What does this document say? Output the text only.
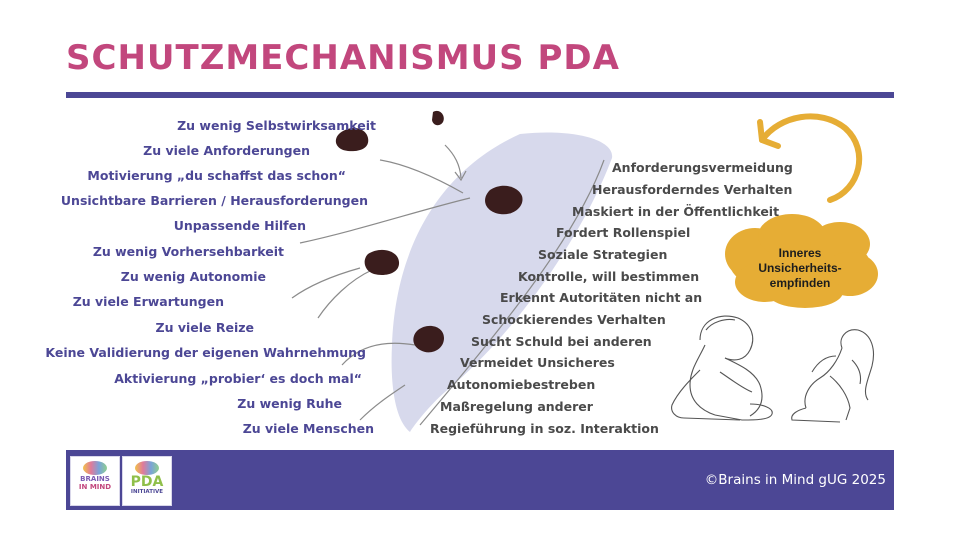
SCHUTZMECHANISMUS PDA
Zu wenig Selbstwirksamkeit
Zu viele Anforderungen
Motivierung „du schaffst das schon“
Unsichtbare Barrieren / Herausforderungen
Unpassende Hilfen
Zu wenig Vorhersehbarkeit
Zu wenig Autonomie
Zu viele Erwartungen
Zu viele Reize
Keine Validierung der eigenen Wahrnehmung
Aktivierung „probier‘ es doch mal“
Zu wenig Ruhe
Zu viele Menschen
Anforderungsvermeidung
Herausforderndes Verhalten
Maskiert in der Öffentlichkeit
Fordert Rollenspiel
Soziale Strategien
Kontrolle, will bestimmen
Erkennt Autoritäten nicht an
Schockierendes Verhalten
Sucht Schuld bei anderen
Vermeidet Unsicheres
Autonomiebestreben
Maßregelung anderer
Regieführung in soz. Interaktion
Inneres
Unsicherheits-
empfinden
BRAINS
IN MIND	PDA
INITIATIVE
©Brains in Mind gUG 2025
